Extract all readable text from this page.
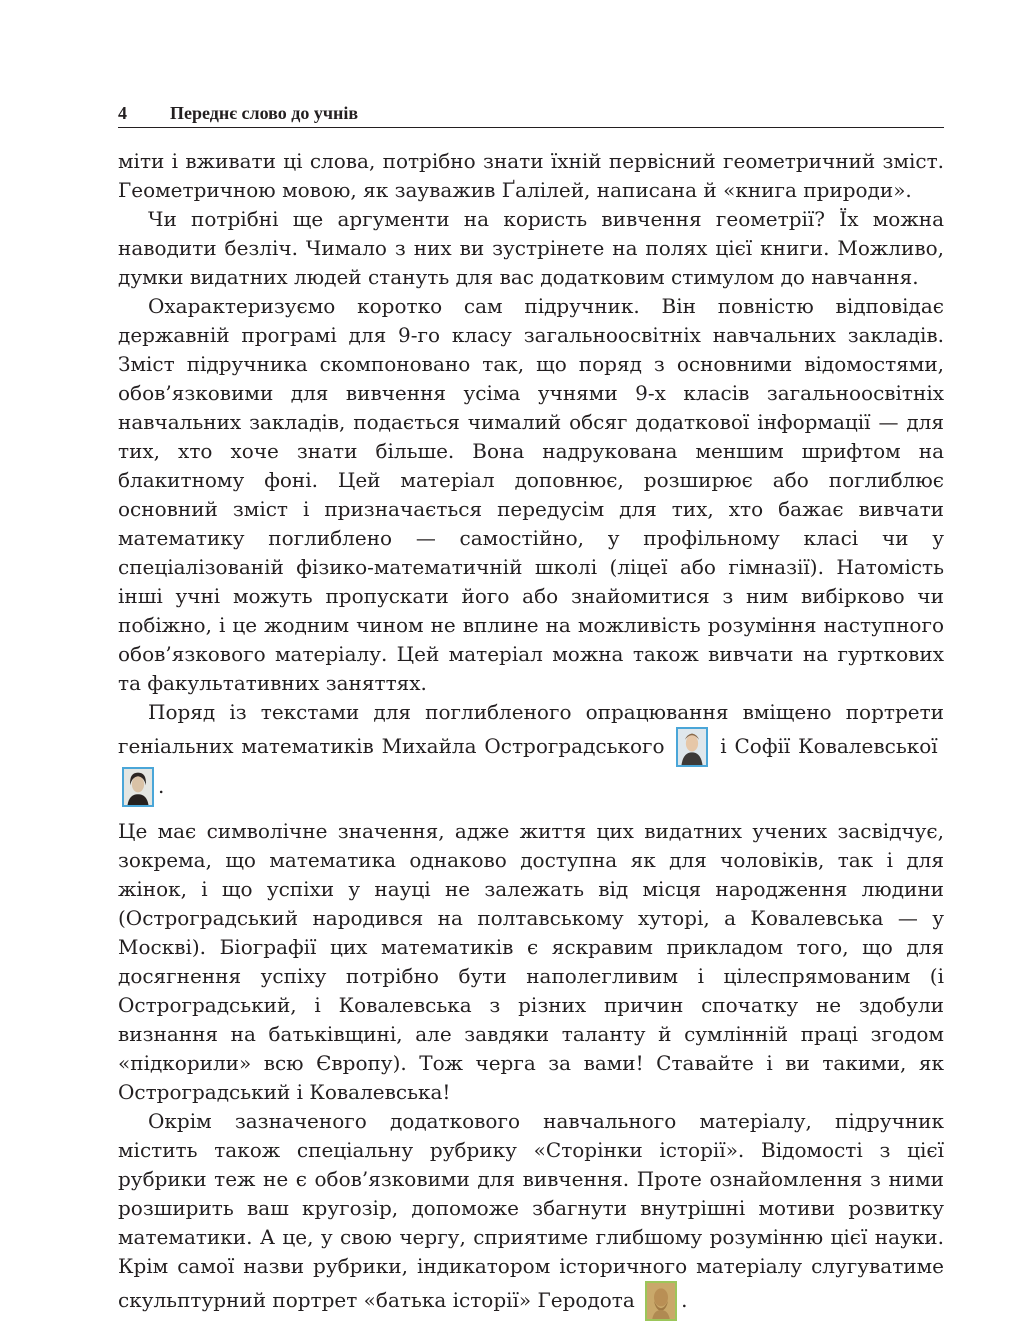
4 Переднє слово до учнів

міти і вживати ці слова, потрібно знати їхній первісний геометричний зміст. Геометричною мовою, як зауважив Ґалілей, написана й «книга природи».

Чи потрібні ще аргументи на користь вивчення геометрії? Їх можна наводити безліч. Чимало з них ви зустрінете на полях цієї книги. Можливо, думки видатних людей стануть для вас додатковим стимулом до навчання.

Охарактеризуємо коротко сам підручник. Він повністю відповідає державній програмі для 9-го класу загальноосвітніх навчальних закладів. Зміст підручника скомпоновано так, що поряд з основними відомостями, обов’язковими для вивчення усіма учнями 9-х класів загальноосвітніх навчальних закладів, подається чималий обсяг додаткової інформації — для тих, хто хоче знати більше. Вона надрукована меншим шрифтом на блакитному фоні. Цей матеріал доповнює, розширює або поглиблює основний зміст і призначається передусім для тих, хто бажає вивчати математику поглиблено — самостійно, у профільному класі чи у спеціалізованій фізико-математичній школі (ліцеї або гімназії). Натомість інші учні можуть пропускати його або знайомитися з ним вибірково чи побіжно, і це жодним чином не вплине на можливість розуміння наступного обов’язкового матеріалу. Цей матеріал можна також вивчати на гурткових та факультативних заняттях.

Поряд із текстами для поглибленого опрацювання вміщено портрети геніальних математиків Михайла Остроградського	і Софії Ковалевської
.

Це має символічне значення, адже життя цих видатних учених засвідчує, зокрема, що математика однаково доступна як для чоловіків, так і для жінок, і що успіхи у науці не залежать від місця народження людини (Остроградський народився на полтавському хуторі, а Ковалевська — у Москві). Біографії цих математиків є яскравим прикладом того, що для досягнення успіху потрібно бути наполегливим і цілеспрямованим (і Остроградський, і Ковалевська з різних причин спочатку не здобули визнання на батьківщині, але завдяки таланту й сумлінній праці згодом «підкорили» всю Європу). Тож черга за вами! Ставайте і ви такими, як Остроградський і Ковалевська!

Окрім зазначеного додаткового навчального матеріалу, підручник містить також спеціальну рубрику «Сторінки історії». Відомості з цієї рубрики теж не є обов’язковими для вивчення. Проте ознайомлення з ними розширить ваш кругозір, допоможе збагнути внутрішні мотиви розвитку математики. А це, у свою чергу, сприятиме глибшому розумінню цієї науки. Крім самої назви рубрики, індикатором історичного матеріалу слугуватиме скульптурний портрет «батька історії» Геродота .
